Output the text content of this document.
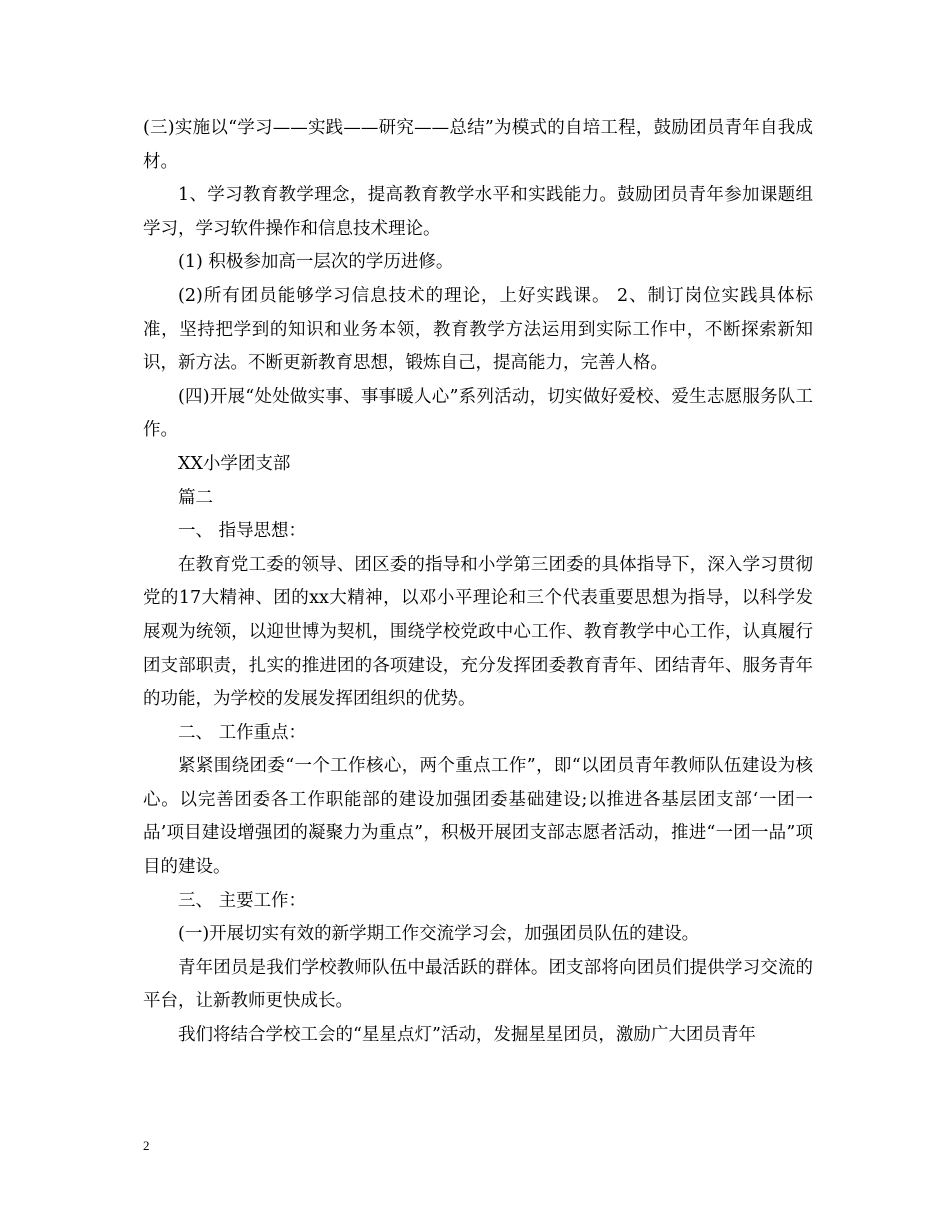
(三)实施以“学习——实践——研究——总结”为模式的自培工程，鼓励团员青年自我成材。

1、学习教育教学理念，提高教育教学水平和实践能力。鼓励团员青年参加课题组学习，学习软件操作和信息技术理论。

(1) 积极参加高一层次的学历进修。

(2)所有团员能够学习信息技术的理论，上好实践课。 2、制订岗位实践具体标准，坚持把学到的知识和业务本领，教育教学方法运用到实际工作中，不断探索新知识，新方法。不断更新教育思想，锻炼自己，提高能力，完善人格。

(四)开展“处处做实事、事事暖人心”系列活动，切实做好爱校、爱生志愿服务队工作。

XX小学团支部

篇二

一、 指导思想：

在教育党工委的领导、团区委的指导和小学第三团委的具体指导下，深入学习贯彻党的17大精神、团的xx大精神，以邓小平理论和三个代表重要思想为指导，以科学发展观为统领，以迎世博为契机，围绕学校党政中心工作、教育教学中心工作，认真履行团支部职责，扎实的推进团的各项建设，充分发挥团委教育青年、团结青年、服务青年的功能，为学校的发展发挥团组织的优势。

二、 工作重点：

紧紧围绕团委“一个工作核心，两个重点工作”，即“以团员青年教师队伍建设为核心。以完善团委各工作职能部的建设加强团委基础建设;以推进各基层团支部‘一团一品’项目建设增强团的凝聚力为重点”，积极开展团支部志愿者活动，推进“一团一品”项目的建设。

三、 主要工作：

(一)开展切实有效的新学期工作交流学习会，加强团员队伍的建设。

青年团员是我们学校教师队伍中最活跃的群体。团支部将向团员们提供学习交流的平台，让新教师更快成长。

我们将结合学校工会的“星星点灯”活动，发掘星星团员，激励广大团员青年

2
